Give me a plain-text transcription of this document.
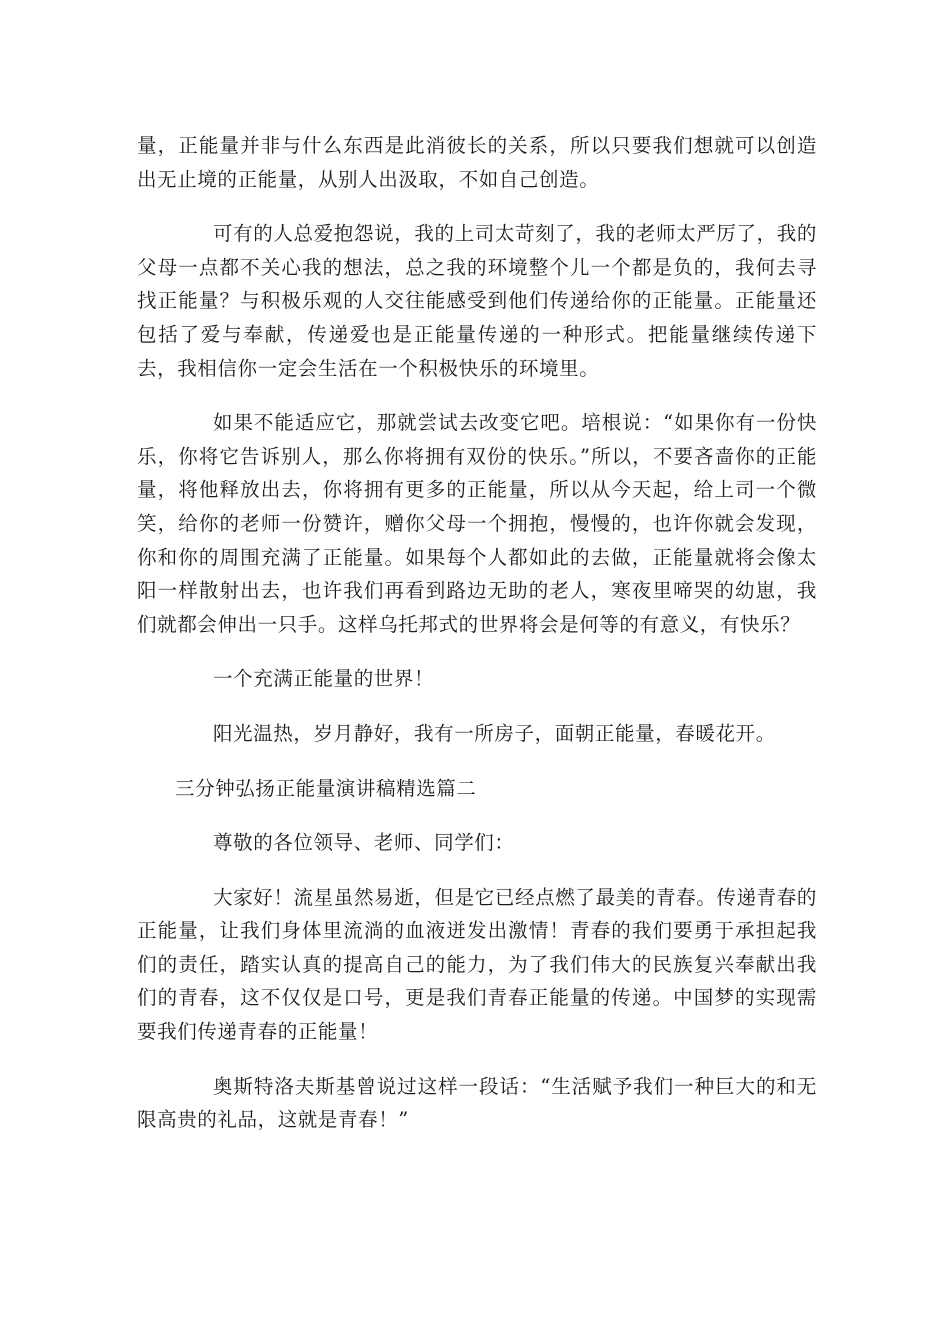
量，正能量并非与什么东西是此消彼长的关系，所以只要我们想就可以创造出无止境的正能量，从别人出汲取，不如自己创造。

可有的人总爱抱怨说，我的上司太苛刻了，我的老师太严厉了，我的父母一点都不关心我的想法，总之我的环境整个儿一个都是负的，我何去寻找正能量？与积极乐观的人交往能感受到他们传递给你的正能量。正能量还包括了爱与奉献，传递爱也是正能量传递的一种形式。把能量继续传递下去，我相信你一定会生活在一个积极快乐的环境里。

如果不能适应它，那就尝试去改变它吧。培根说：“如果你有一份快乐，你将它告诉别人，那么你将拥有双份的快乐。”所以，不要吝啬你的正能量，将他释放出去，你将拥有更多的正能量，所以从今天起，给上司一个微笑，给你的老师一份赞许，赠你父母一个拥抱，慢慢的，也许你就会发现，你和你的周围充满了正能量。如果每个人都如此的去做，正能量就将会像太阳一样散射出去，也许我们再看到路边无助的老人，寒夜里啼哭的幼崽，我们就都会伸出一只手。这样乌托邦式的世界将会是何等的有意义，有快乐？

一个充满正能量的世界！

阳光温热，岁月静好，我有一所房子，面朝正能量，春暖花开。

三分钟弘扬正能量演讲稿精选篇二

尊敬的各位领导、老师、同学们：

大家好！流星虽然易逝，但是它已经点燃了最美的青春。传递青春的正能量，让我们身体里流淌的血液迸发出激情！青春的我们要勇于承担起我们的责任，踏实认真的提高自己的能力，为了我们伟大的民族复兴奉献出我们的青春，这不仅仅是口号，更是我们青春正能量的传递。中国梦的实现需要我们传递青春的正能量！

奥斯特洛夫斯基曾说过这样一段话：“生活赋予我们一种巨大的和无限高贵的礼品，这就是青春！”
